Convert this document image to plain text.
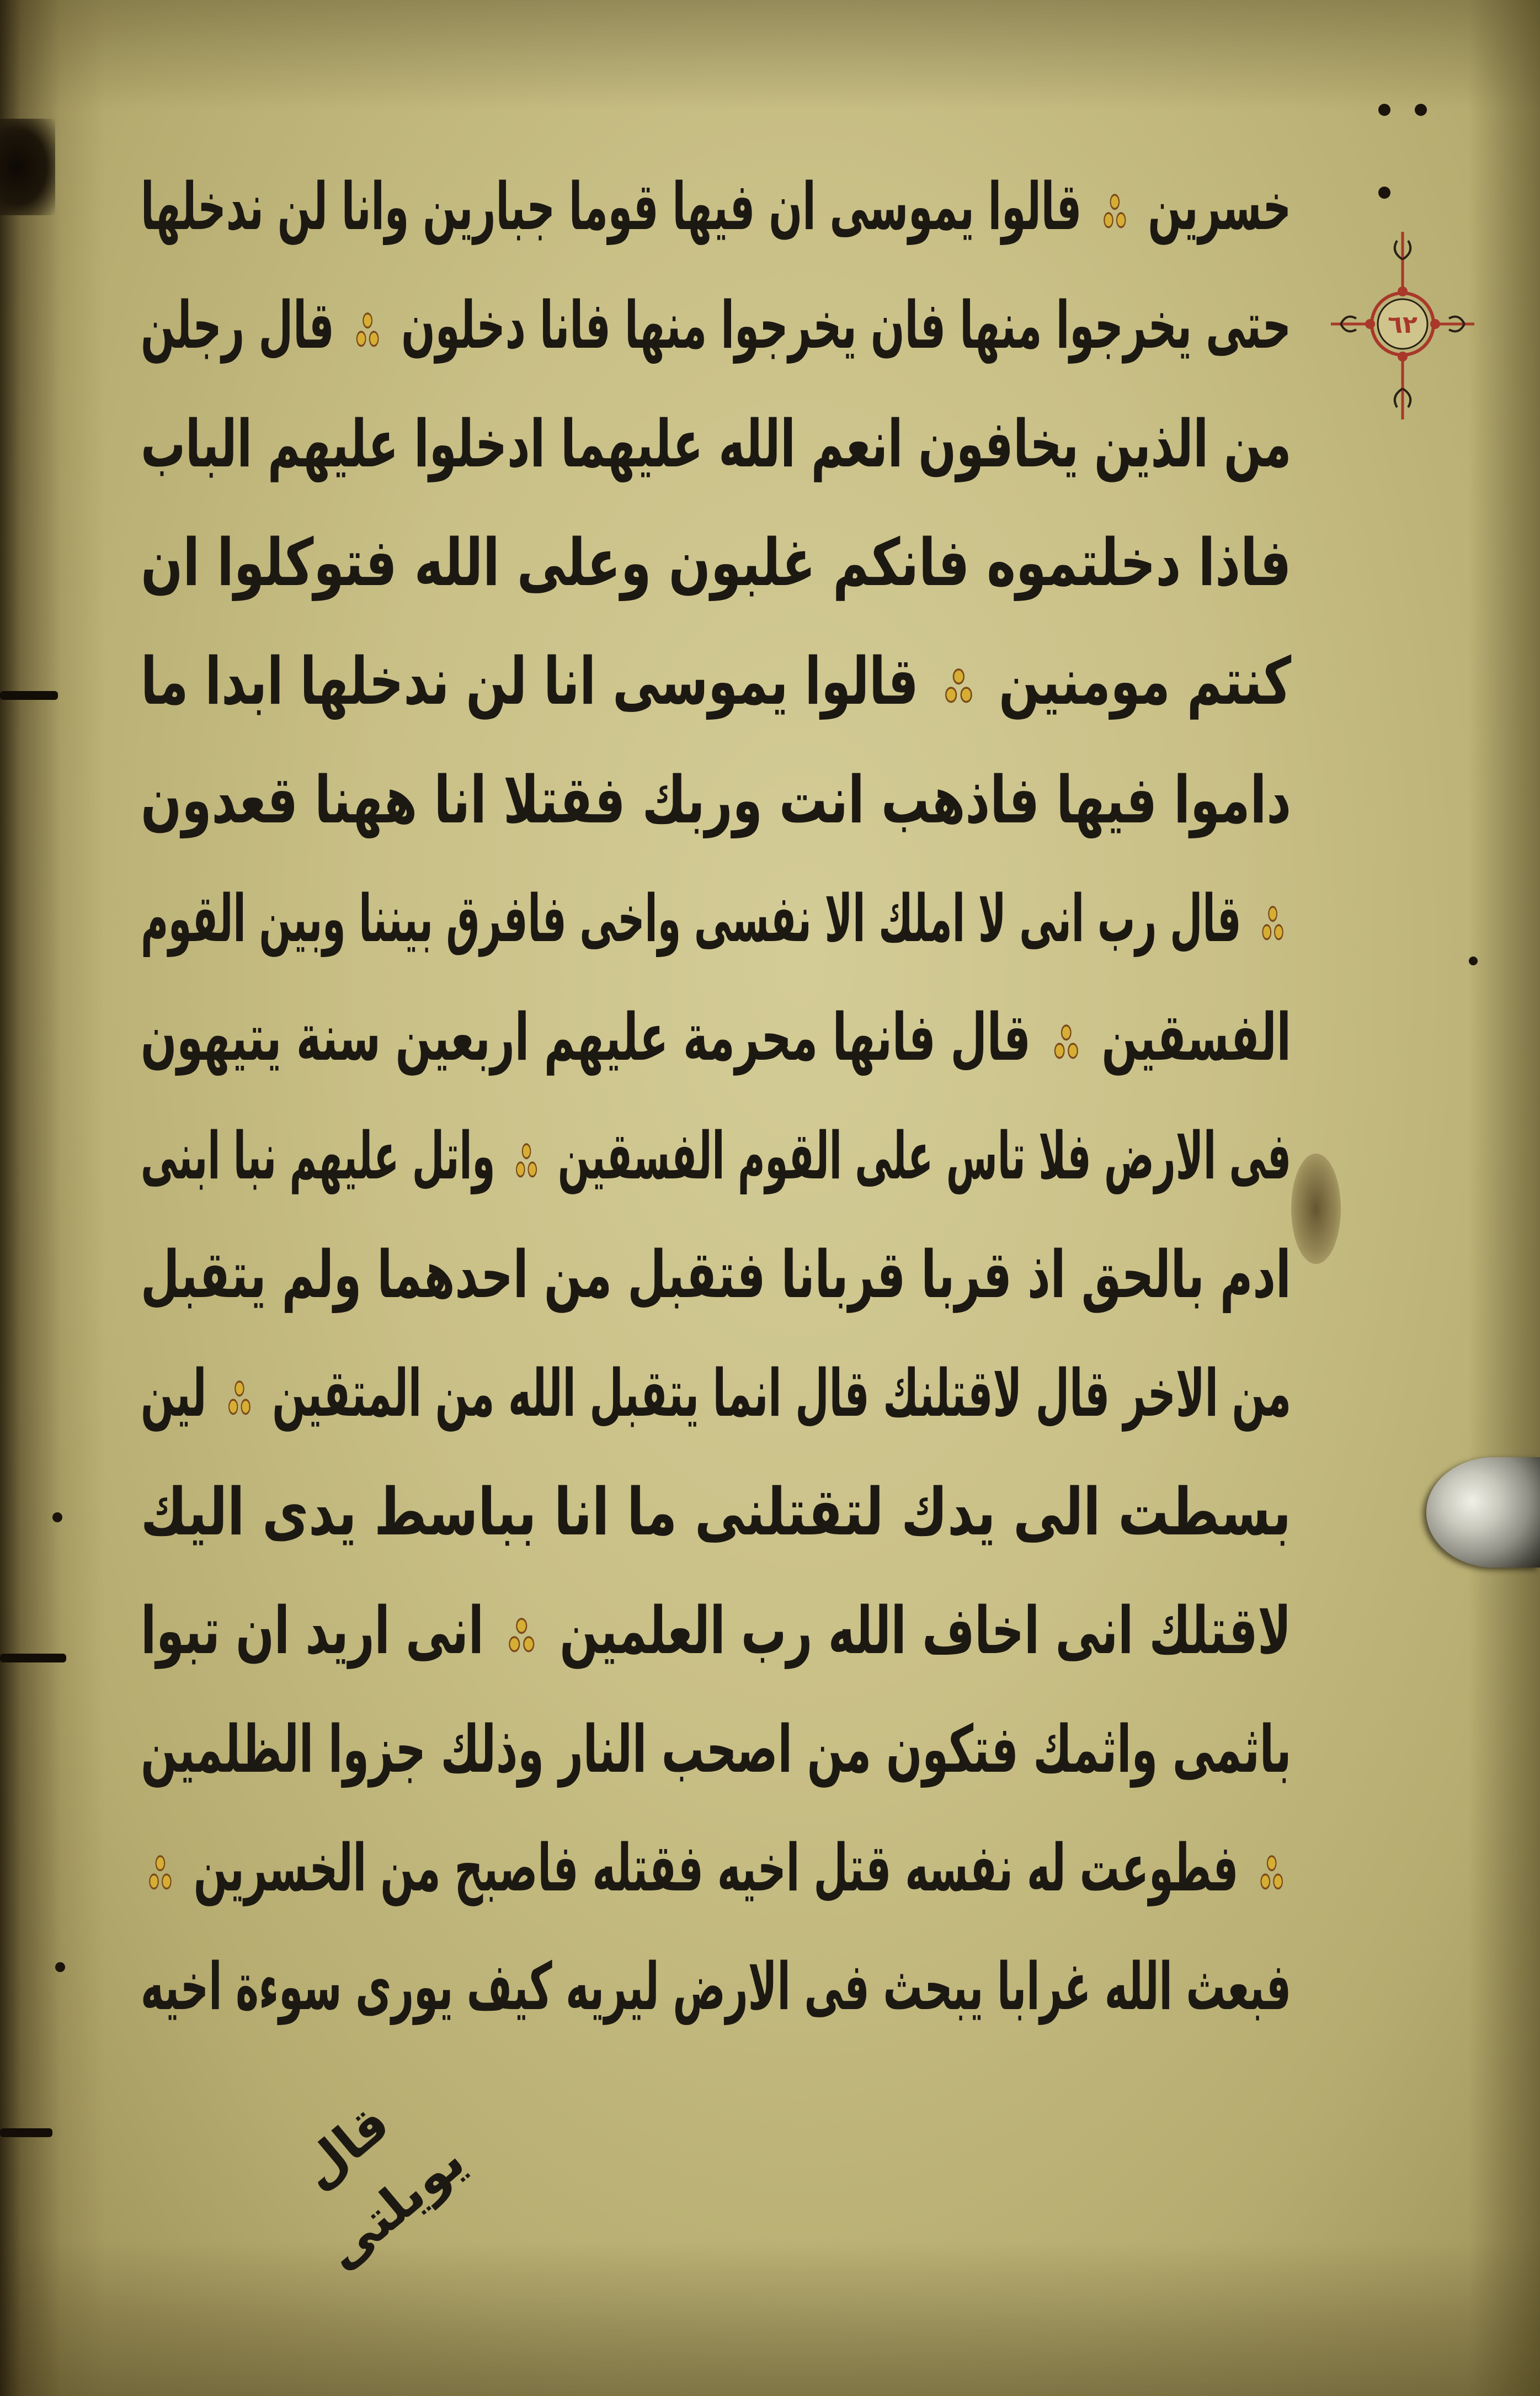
٦٢
خسرين  قالوا يموسى ان فيها قوما جبارين وانا لن ندخلها
حتى يخرجوا منها فان يخرجوا منها فانا دخلون  قال رجلن
من الذين يخافون انعم الله عليهما ادخلوا عليهم الباب
فاذا دخلتموه فانكم غلبون وعلى الله فتوكلوا ان
كنتم مومنين  قالوا يموسى انا لن ندخلها ابدا ما
داموا فيها فاذهب انت وربك فقتلا انا ههنا قعدون
قال رب انى لا املك الا نفسى واخى فافرق بيننا وبين القوم
الفسقين  قال فانها محرمة عليهم اربعين سنة يتيهون
فى الارض فلا تاس على القوم الفسقين  واتل عليهم نبا ابنى
ادم بالحق اذ قربا قربانا فتقبل من احدهما ولم يتقبل
من الاخر قال لاقتلنك قال انما يتقبل الله من المتقين  لين
بسطت الى يدك لتقتلنى ما انا بباسط يدى اليك
لاقتلك انى اخاف الله رب العلمين  انى اريد ان تبوا
باثمى واثمك فتكون من اصحب النار وذلك جزوا الظلمين
فطوعت له نفسه قتل اخيه فقتله فاصبح من الخسرين
فبعث الله غرابا يبحث فى الارض ليريه كيف يورى سوءة اخيه
قال يويلتى
